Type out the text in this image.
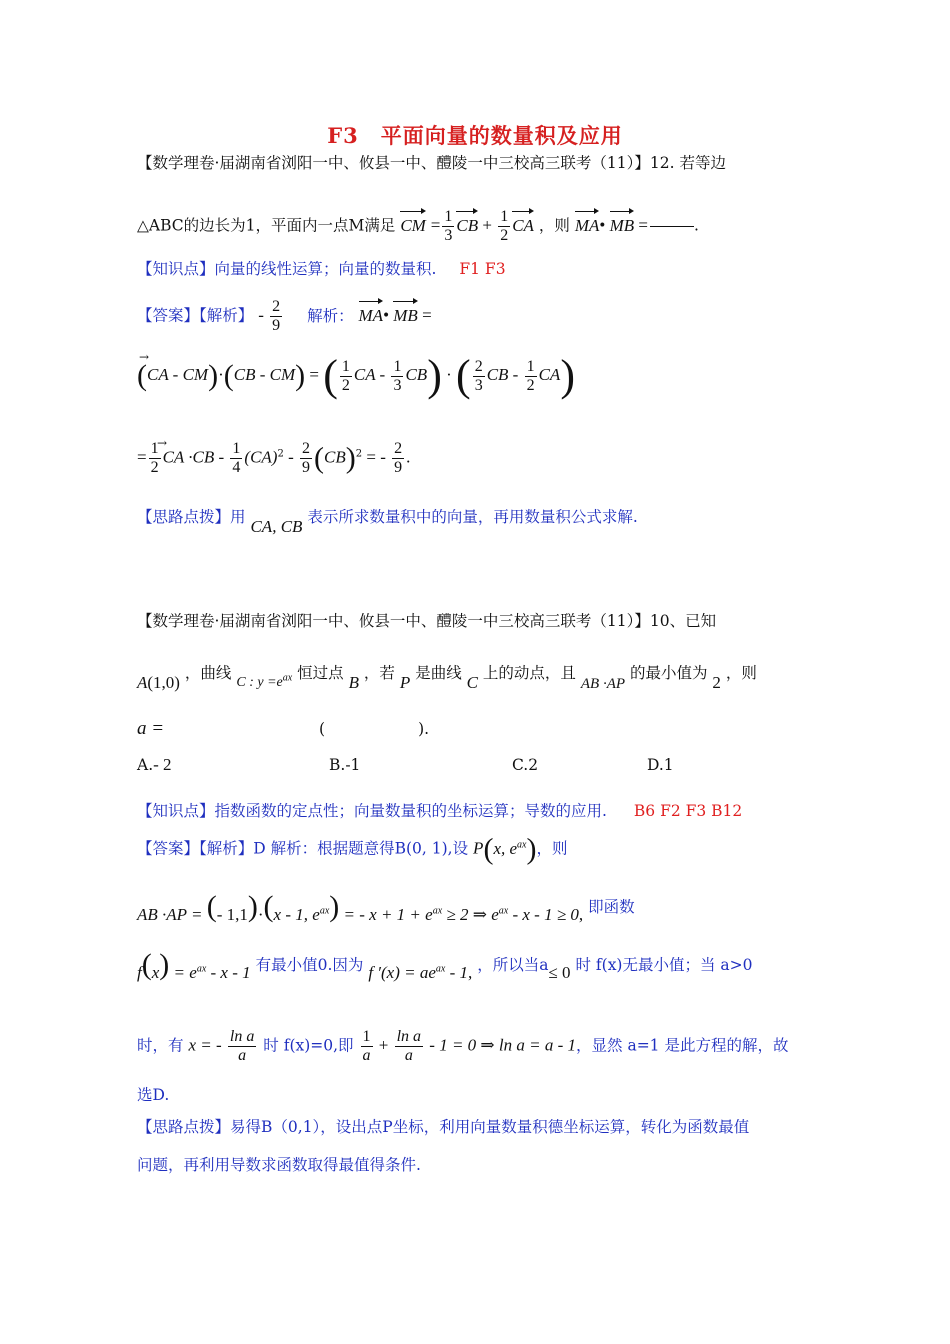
F3　平面向量的数量积及应用
【数学理卷·届湖南省浏阳一中、攸县一中、醴陵一中三校高三联考（11）】12. 若等边
△ABC的边长为1，平面内一点M满足 CM = $\frac{1}{3}$ CB + $\frac{1}{2}$ CA ，则 MA• MB =	.
【知识点】向量的线性运算；向量的数量积. F1 F3
【答案】【解析】 - $\frac{2}{9}$ 解析： MA• MB =
→
(CA - CM)·(CB - CM) = ( $\frac{1}{2}$ CA - $\frac{1}{3} CB$) · ( $\frac{2}{3}$ CB - $\frac{1}{2} CA$)
→
= $\frac{1}{2}$ CA $\cdot CB - \frac{1}{4} (CA)^2 - \frac{2}{9} (CB)^2$ = - $\frac{2}{9}$ .
【思路点拨】用 CA, CB 表示所求数量积中的向量，再用数量积公式求解.
【数学理卷·届湖南省浏阳一中、攸县一中、醴陵一中三校高三联考（11）】10、已知
A(1,0) ，曲线 C : $y =e^{ax}$ 恒过点 B ，若 P 是曲线 C 上的动点，且 AB ·AP 的最小值为 2 ，则
a =	(　　　　　　).
A.- 2	B.-1	C.2	D.1
【知识点】指数函数的定点性；向量数量积的坐标运算；导数的应用. B6 F2 F3 B12
【答案】【解析】D 解析：根据题意得B(0, 1),设 P(x, $e^{ax}$)，则
AB ·AP = (- 1,1)·(x - 1, $e^{ax}$) = - $x + 1 + e^{ax} \ge 2$ ⇒ $e^{ax} - x - 1 \ge 0$, 即函数
$f(x) = e^{ax} - x - 1$ 有最小值0.因为 f $'(x) = ae^{ax} - 1$, ，所以当a≤ 0 时 f(x)无最小值；当 a>0
时，有 x = - $\frac{\text{ln a}}{a}$ 时 f(x)=0,即 $\frac{1}{a} + \frac{\text{ln a}}{a} - 1 = 0$ ⇒ ln a = a - 1，显然 a=1 是此方程的解，故
选D.
【思路点拨】易得B（0,1），设出点P坐标，利用向量数量积德坐标运算，转化为函数最值
问题，再利用导数求函数取得最值得条件.
